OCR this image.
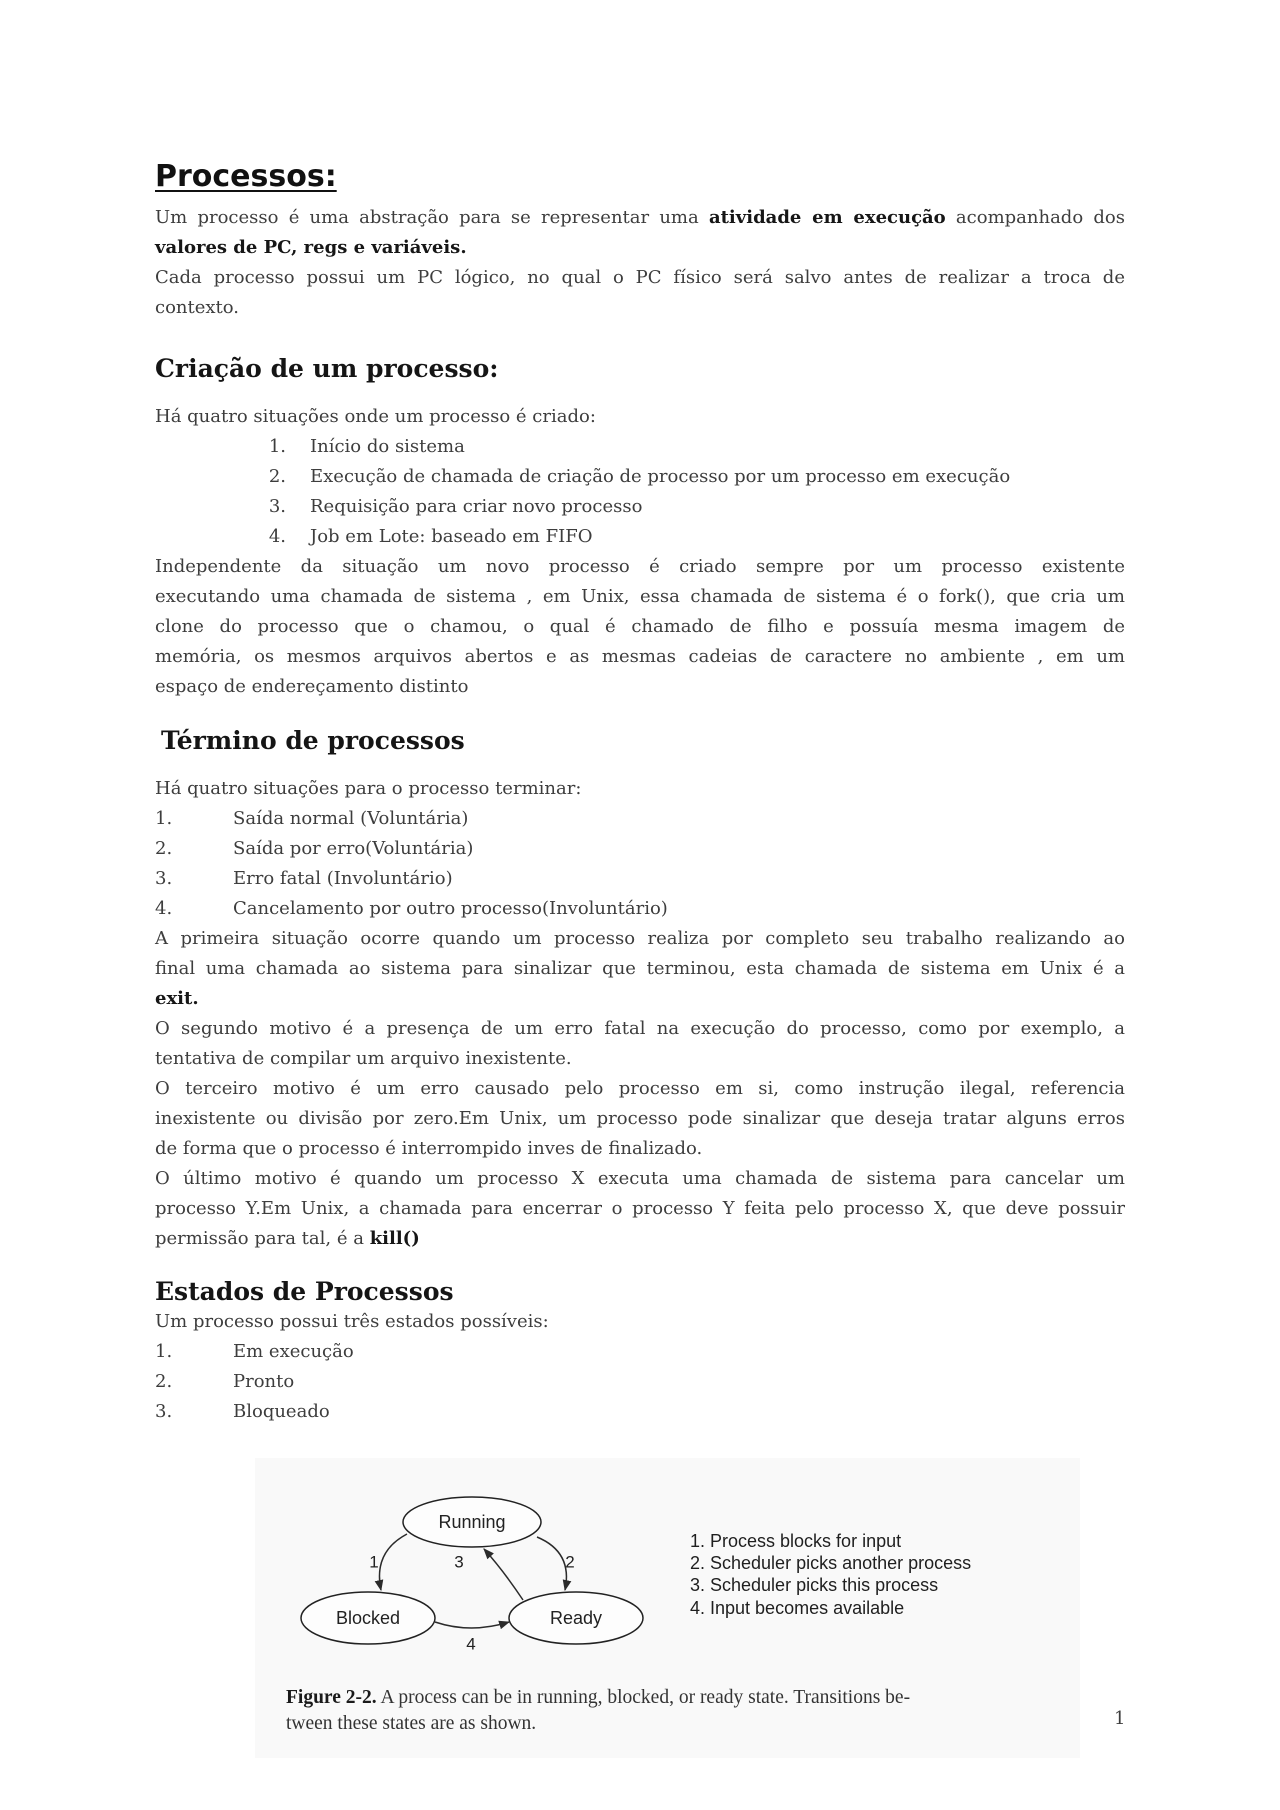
Processos:
Um processo é uma abstração para se representar uma atividade em execução acompanhado dos
valores de PC, regs e variáveis.
Cada processo possui um PC lógico, no qual o PC físico será salvo antes de realizar a troca de
contexto.
Criação de um processo:
Há quatro situações onde um processo é criado:
1. Início do sistema
2. Execução de chamada de criação de processo por um processo em execução
3. Requisição para criar novo processo
4. Job em Lote: baseado em FIFO
Independente da situação um novo processo é criado sempre por um processo existente
executando uma chamada de sistema , em Unix, essa chamada de sistema é o fork(), que cria um
clone do processo que o chamou, o qual é chamado de filho e possuía mesma imagem de
memória, os mesmos arquivos abertos e as mesmas cadeias de caractere no ambiente , em um
espaço de endereçamento distinto
Término de processos
Há quatro situações para o processo terminar:
1.	Saída normal (Voluntária)
2.	Saída por erro(Voluntária)
3.	Erro fatal (Involuntário)
4.	Cancelamento por outro processo(Involuntário)
A primeira situação ocorre quando um processo realiza por completo seu trabalho realizando ao
final uma chamada ao sistema para sinalizar que terminou, esta chamada de sistema em Unix é a
exit.
O segundo motivo é a presença de um erro fatal na execução do processo, como por exemplo, a
tentativa de compilar um arquivo inexistente.
O terceiro motivo é um erro causado pelo processo em si, como instrução ilegal, referencia
inexistente ou divisão por zero.Em Unix, um processo pode sinalizar que deseja tratar alguns erros
de forma que o processo é interrompido inves de finalizado.
O último motivo é quando um processo X executa uma chamada de sistema para cancelar um
processo Y.Em Unix, a chamada para encerrar o processo Y feita pelo processo X, que deve possuir
permissão para tal, é a kill()
Estados de Processos
Um processo possui três estados possíveis:
1.	Em execução
2.	Pronto
3.	Bloqueado
Running
Blocked	Ready
1	3	2
4
1. Process blocks for input
2. Scheduler picks another process
3. Scheduler picks this process
4. Input becomes available
Figure 2-2. A process can be in running, blocked, or ready state. Transitions be-
tween these states are as shown.	1
